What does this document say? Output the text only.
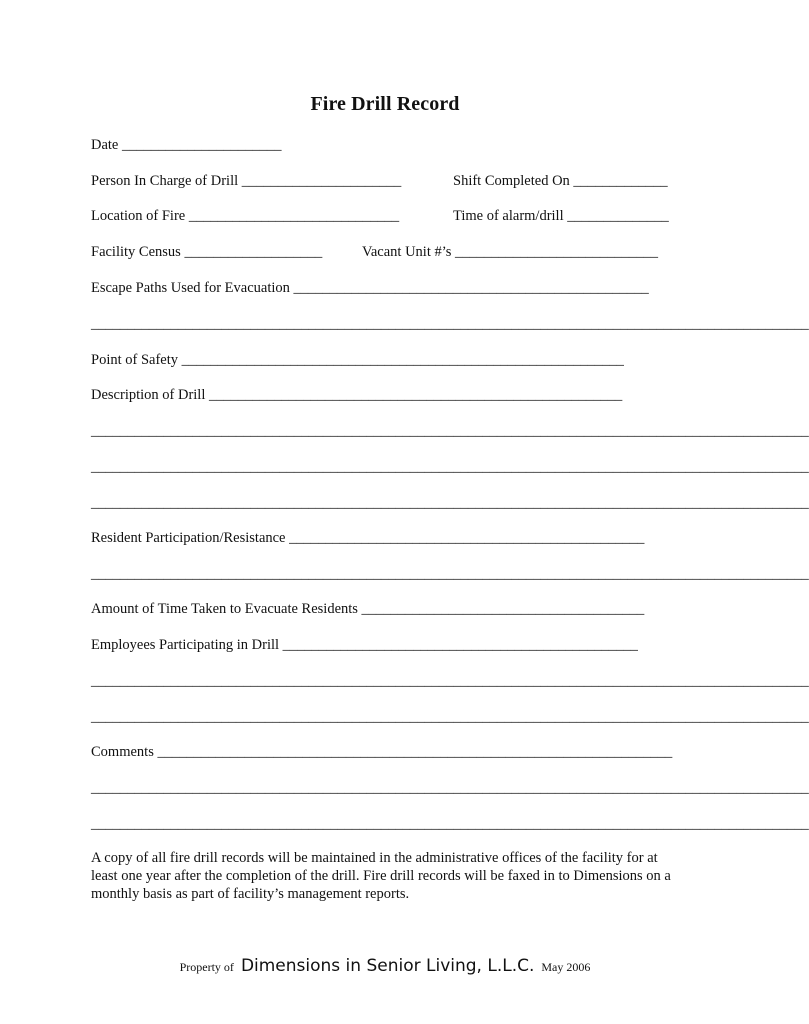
Fire Drill Record
Date ______________________
Person In Charge of Drill ______________________	Shift Completed On _____________
Location of Fire _____________________________	Time of alarm/drill ______________
Facility Census ___________________	Vacant Unit #’s ____________________________
Escape Paths Used for Evacuation _________________________________________________
___________________________________________________________________________________________________
Point of Safety _____________________________________________________________
Description of Drill _________________________________________________________
___________________________________________________________________________________________________
___________________________________________________________________________________________________
___________________________________________________________________________________________________
Resident Participation/Resistance _________________________________________________
___________________________________________________________________________________________________
Amount of Time Taken to Evacuate Residents _______________________________________
Employees Participating in Drill _________________________________________________
___________________________________________________________________________________________________
___________________________________________________________________________________________________
Comments _______________________________________________________________________
___________________________________________________________________________________________________
___________________________________________________________________________________________________
A copy of all fire drill records will be maintained in the administrative offices of the facility for at least one year after the completion of the drill. Fire drill records will be faxed in to Dimensions on a monthly basis as part of facility’s management reports.
Property of Dimensions in Senior Living, L.L.C. May 2006
